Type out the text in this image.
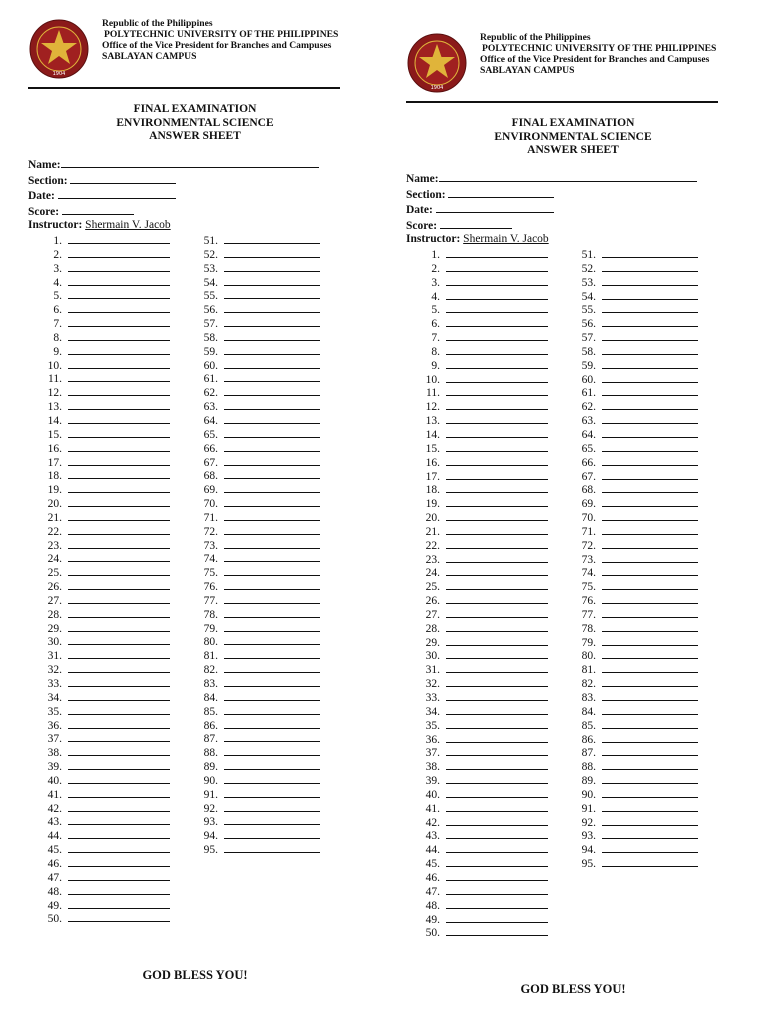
1904
Republic of the Philippines
POLYTECHNIC UNIVERSITY OF THE PHILIPPINES
Office of the Vice President for Branches and Campuses
SABLAYAN CAMPUS
FINAL EXAMINATION
ENVIRONMENTAL SCIENCE
ANSWER SHEET
Name:
Section:
Date:
Score:
Instructor: Shermain V. Jacob
1.
2.
3.
4.
5.
6.
7.
8.
9.
10.
11.
12.
13.
14.
15.
16.
17.
18.
19.
20.
21.
22.
23.
24.
25.
26.
27.
28.
29.
30.
31.
32.
33.
34.
35.
36.
37.
38.
39.
40.
41.
42.
43.
44.
45.
46.
47.
48.
49.
50.
51.
52.
53.
54.
55.
56.
57.
58.
59.
60.
61.
62.
63.
64.
65.
66.
67.
68.
69.
70.
71.
72.
73.
74.
75.
76.
77.
78.
79.
80.
81.
82.
83.
84.
85.
86.
87.
88.
89.
90.
91.
92.
93.
94.
95.
GOD BLESS YOU!
1904
Republic of the Philippines
POLYTECHNIC UNIVERSITY OF THE PHILIPPINES
Office of the Vice President for Branches and Campuses
SABLAYAN CAMPUS
FINAL EXAMINATION
ENVIRONMENTAL SCIENCE
ANSWER SHEET
Name:
Section:
Date:
Score:
Instructor: Shermain V. Jacob
1.
2.
3.
4.
5.
6.
7.
8.
9.
10.
11.
12.
13.
14.
15.
16.
17.
18.
19.
20.
21.
22.
23.
24.
25.
26.
27.
28.
29.
30.
31.
32.
33.
34.
35.
36.
37.
38.
39.
40.
41.
42.
43.
44.
45.
46.
47.
48.
49.
50.
51.
52.
53.
54.
55.
56.
57.
58.
59.
60.
61.
62.
63.
64.
65.
66.
67.
68.
69.
70.
71.
72.
73.
74.
75.
76.
77.
78.
79.
80.
81.
82.
83.
84.
85.
86.
87.
88.
89.
90.
91.
92.
93.
94.
95.
GOD BLESS YOU!
